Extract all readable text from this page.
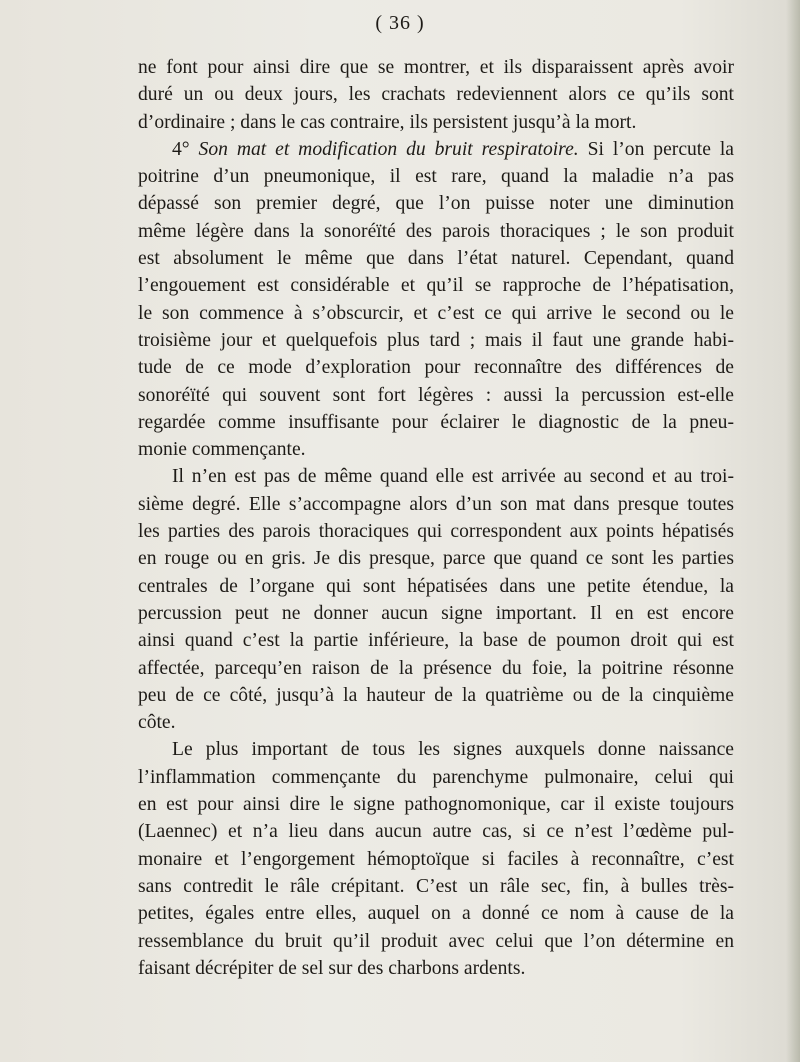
( 36 )

ne font pour ainsi dire que se montrer, et ils disparaissent après avoir
duré un ou deux jours, les crachats redeviennent alors ce qu’ils sont
d’ordinaire ; dans le cas contraire, ils persistent jusqu’à la mort.

4° Son mat et modification du bruit respiratoire. Si l’on percute la
poitrine d’un pneumonique, il est rare, quand la maladie n’a pas
dépassé son premier degré, que l’on puisse noter une diminution
même légère dans la sonoréïté des parois thoraciques ; le son produit
est absolument le même que dans l’état naturel. Cependant, quand
l’engouement est considérable et qu’il se rapproche de l’hépatisation,
le son commence à s’obscurcir, et c’est ce qui arrive le second ou le
troisième jour et quelquefois plus tard ; mais il faut une grande habi-
tude de ce mode d’exploration pour reconnaître des différences de
sonoréïté qui souvent sont fort légères : aussi la percussion est-elle
regardée comme insuffisante pour éclairer le diagnostic de la pneu-
monie commençante.

Il n’en est pas de même quand elle est arrivée au second et au troi-
sième degré. Elle s’accompagne alors d’un son mat dans presque toutes
les parties des parois thoraciques qui correspondent aux points hépatisés
en rouge ou en gris. Je dis presque, parce que quand ce sont les parties
centrales de l’organe qui sont hépatisées dans une petite étendue, la
percussion peut ne donner aucun signe important. Il en est encore
ainsi quand c’est la partie inférieure, la base de poumon droit qui est
affectée, parcequ’en raison de la présence du foie, la poitrine résonne
peu de ce côté, jusqu’à la hauteur de la quatrième ou de la cinquième
côte.

Le plus important de tous les signes auxquels donne naissance
l’inflammation commençante du parenchyme pulmonaire, celui qui
en est pour ainsi dire le signe pathognomonique, car il existe toujours
(Laennec) et n’a lieu dans aucun autre cas, si ce n’est l’œdème pul-
monaire et l’engorgement hémoptoïque si faciles à reconnaître, c’est
sans contredit le râle crépitant. C’est un râle sec, fin, à bulles très-
petites, égales entre elles, auquel on a donné ce nom à cause de la
ressemblance du bruit qu’il produit avec celui que l’on détermine en
faisant décrépiter de sel sur des charbons ardents.
